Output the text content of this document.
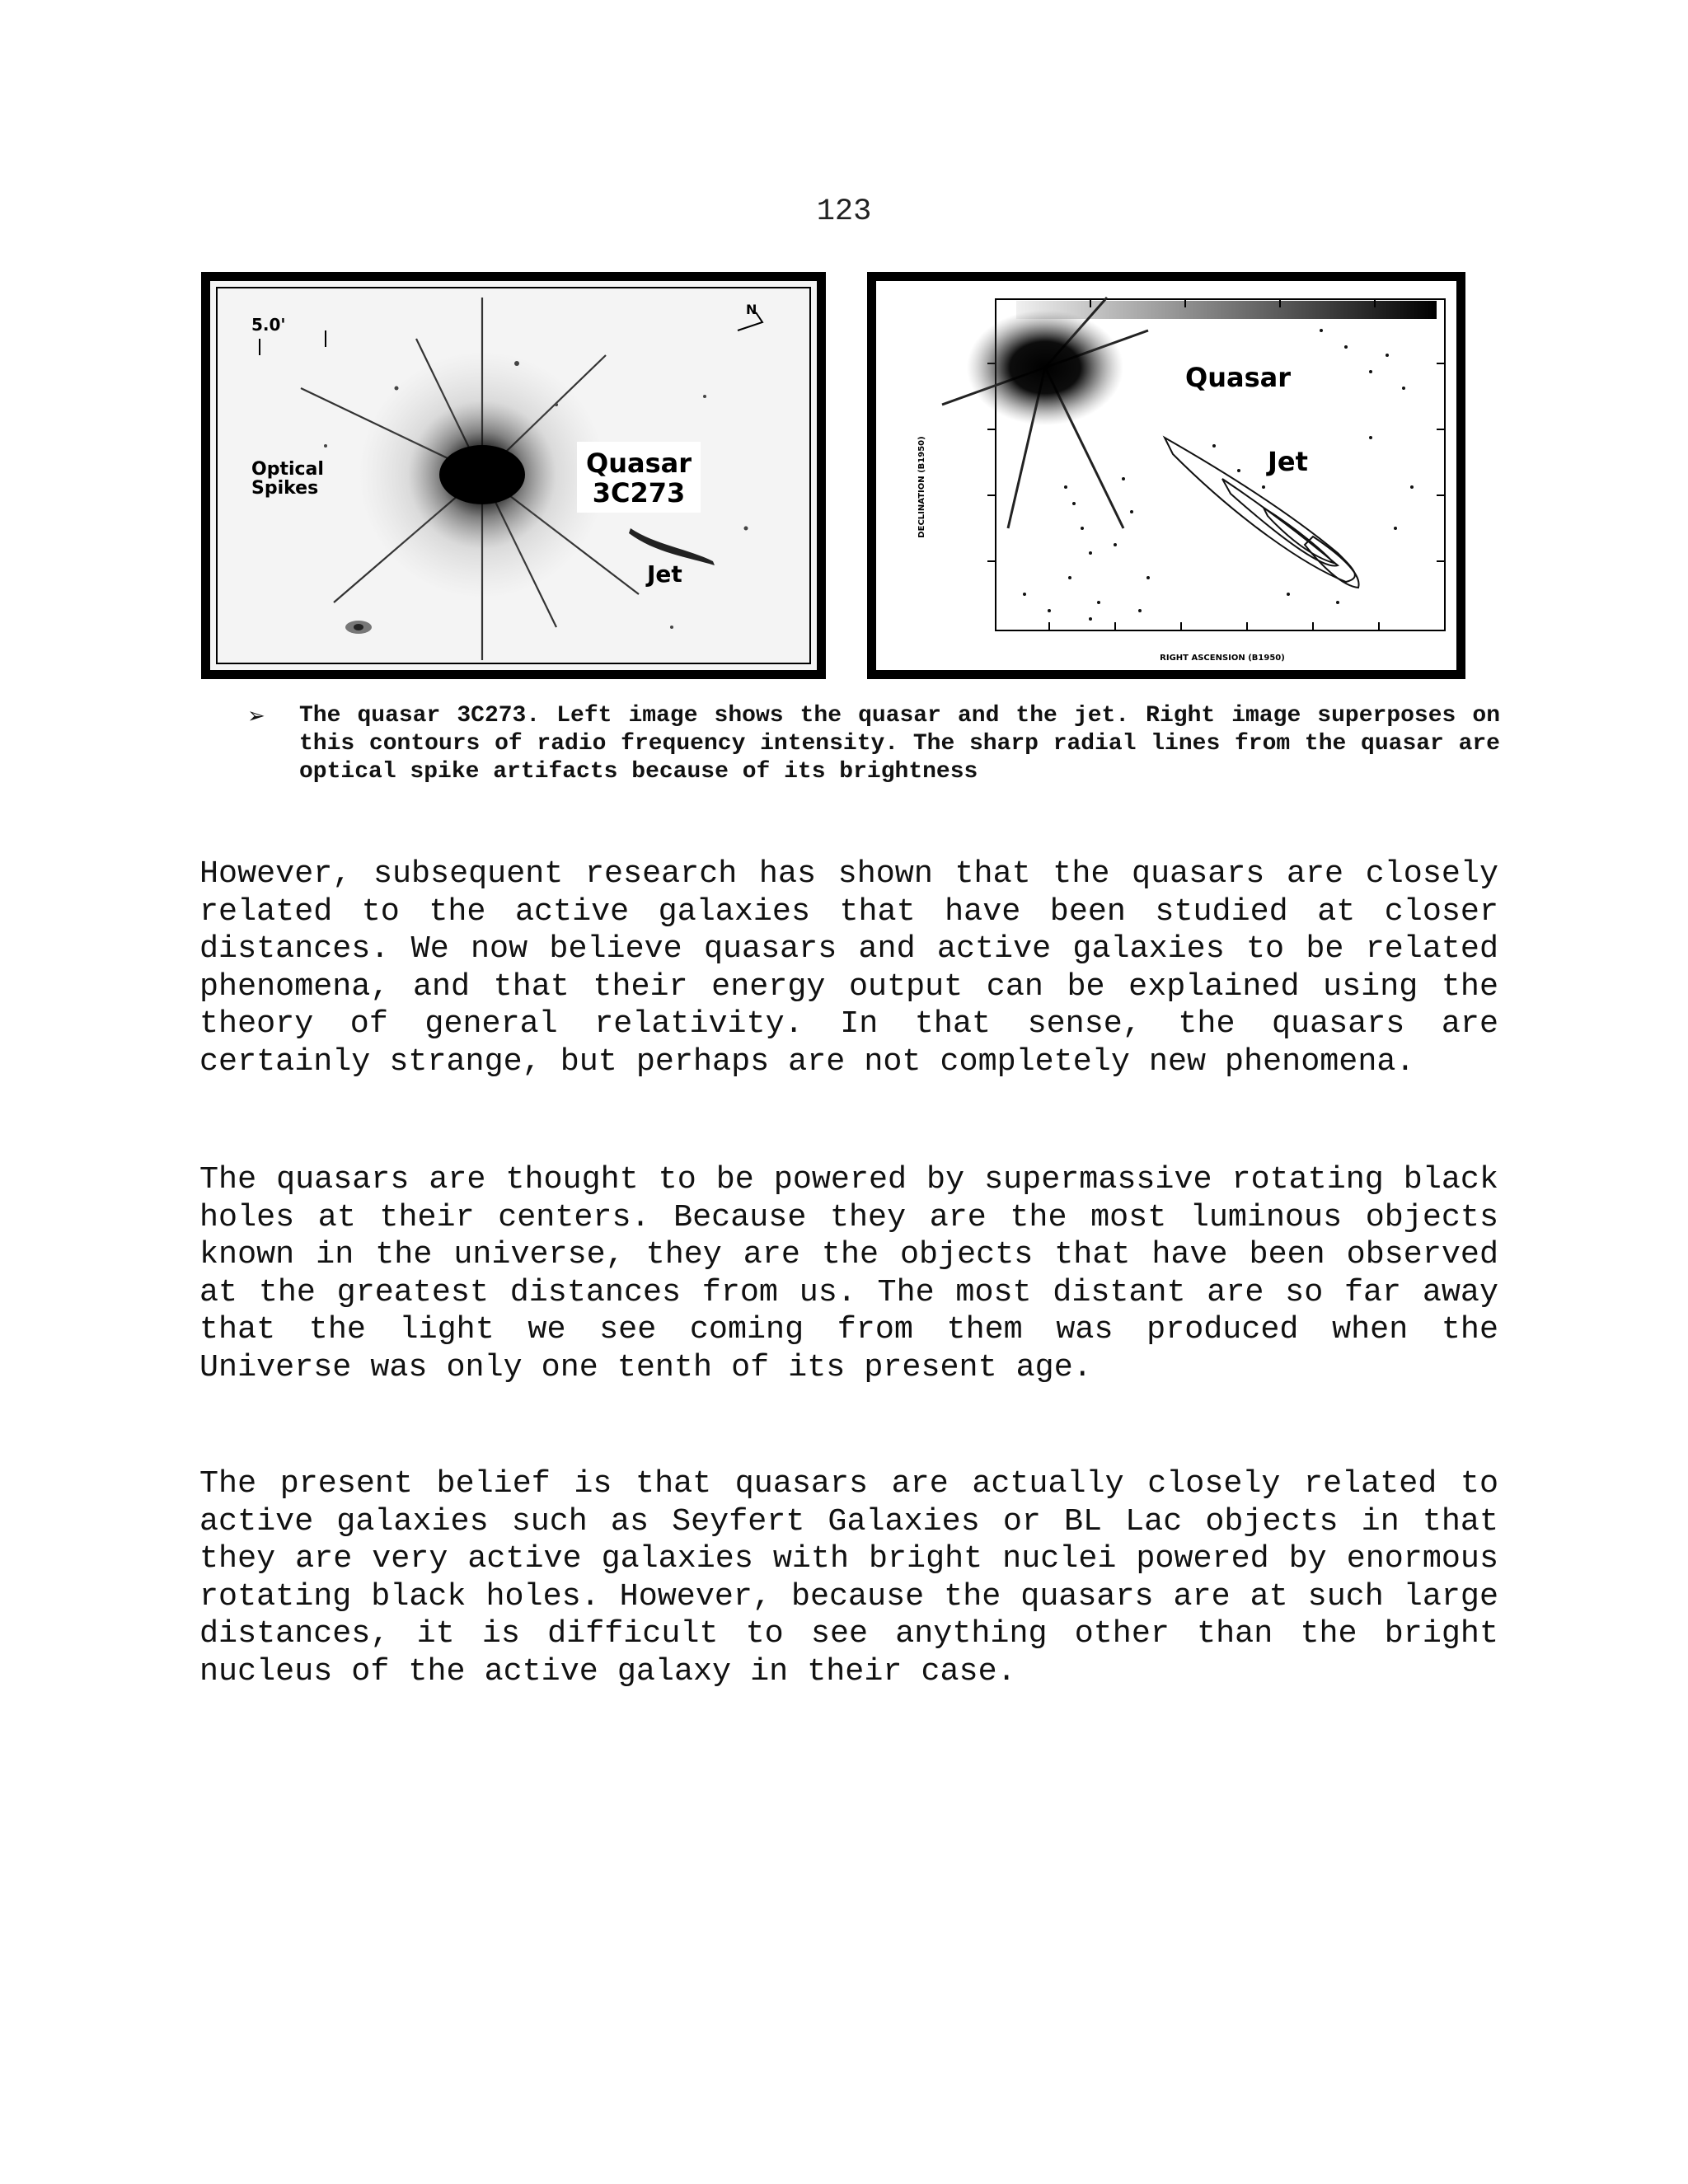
123
5.0'
N
Optical
Spikes
Quasar
3C273
Jet
Quasar
Jet
DECLINATION (B1950)
RIGHT ASCENSION (B1950)
➢ The quasar 3C273. Left image shows the quasar and the jet. Right image superposes on this contours of radio frequency intensity. The sharp radial lines from the quasar are optical spike artifacts because of its brightness

However, subsequent research has shown that the quasars are closely related to the active galaxies that have been studied at closer distances. We now believe quasars and active galaxies to be related phenomena, and that their energy output can be explained using the theory of general relativity. In that sense, the quasars are certainly strange, but perhaps are not completely new phenomena.

The quasars are thought to be powered by supermassive rotating black holes at their centers. Because they are the most luminous objects known in the universe, they are the objects that have been observed at the greatest distances from us. The most distant are so far away that the light we see coming from them was produced when the Universe was only one tenth of its present age.

The present belief is that quasars are actually closely related to active galaxies such as Seyfert Galaxies or BL Lac objects in that they are very active galaxies with bright nuclei powered by enormous rotating black holes. However, because the quasars are at such large distances, it is difficult to see anything other than the bright nucleus of the active galaxy in their case.
